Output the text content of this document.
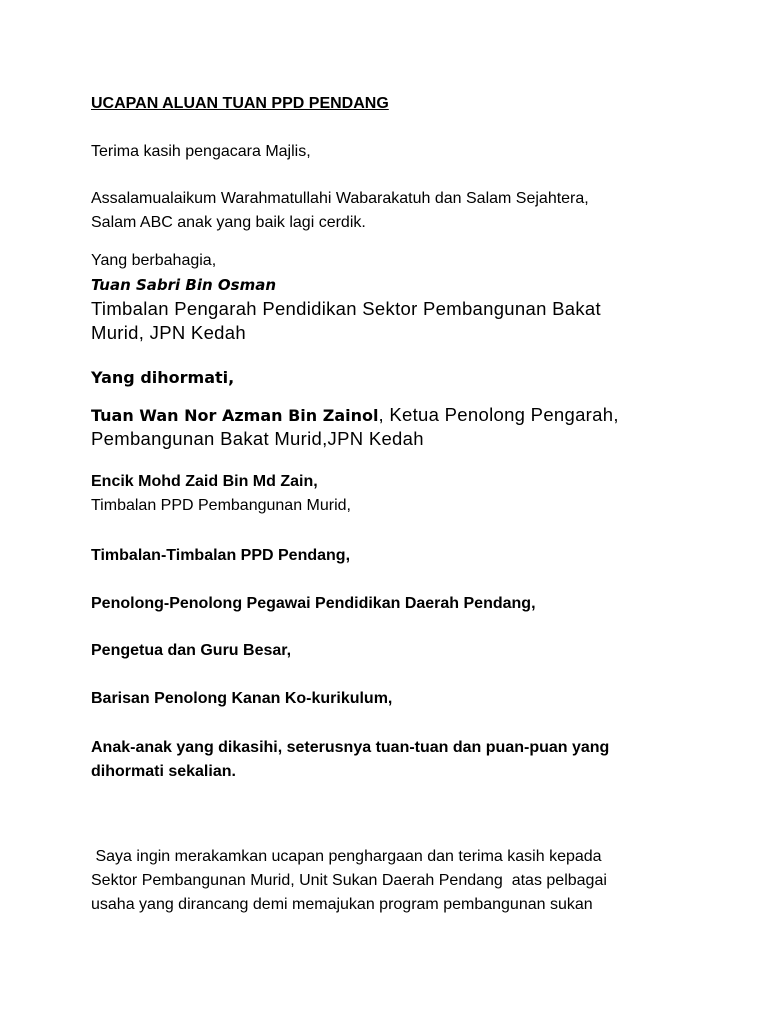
UCAPAN ALUAN TUAN PPD PENDANG
Terima kasih pengacara Majlis,
Assalamualaikum Warahmatullahi Wabarakatuh dan Salam Sejahtera,
Salam ABC anak yang baik lagi cerdik.
Yang berbahagia,
Tuan Sabri Bin Osman
Timbalan Pengarah Pendidikan Sektor Pembangunan Bakat
Murid, JPN Kedah
Yang dihormati,
Tuan Wan Nor Azman Bin Zainol, Ketua Penolong Pengarah,
Pembangunan Bakat Murid,JPN Kedah
Encik Mohd Zaid Bin Md Zain,
Timbalan PPD Pembangunan Murid,
Timbalan-Timbalan PPD Pendang,
Penolong-Penolong Pegawai Pendidikan Daerah Pendang,
Pengetua dan Guru Besar,
Barisan Penolong Kanan Ko-kurikulum,
Anak-anak yang dikasihi, seterusnya tuan-tuan dan puan-puan yang
dihormati sekalian.
Saya ingin merakamkan ucapan penghargaan dan terima kasih kepada
Sektor Pembangunan Murid, Unit Sukan Daerah Pendang  atas pelbagai
usaha yang dirancang demi memajukan program pembangunan sukan
